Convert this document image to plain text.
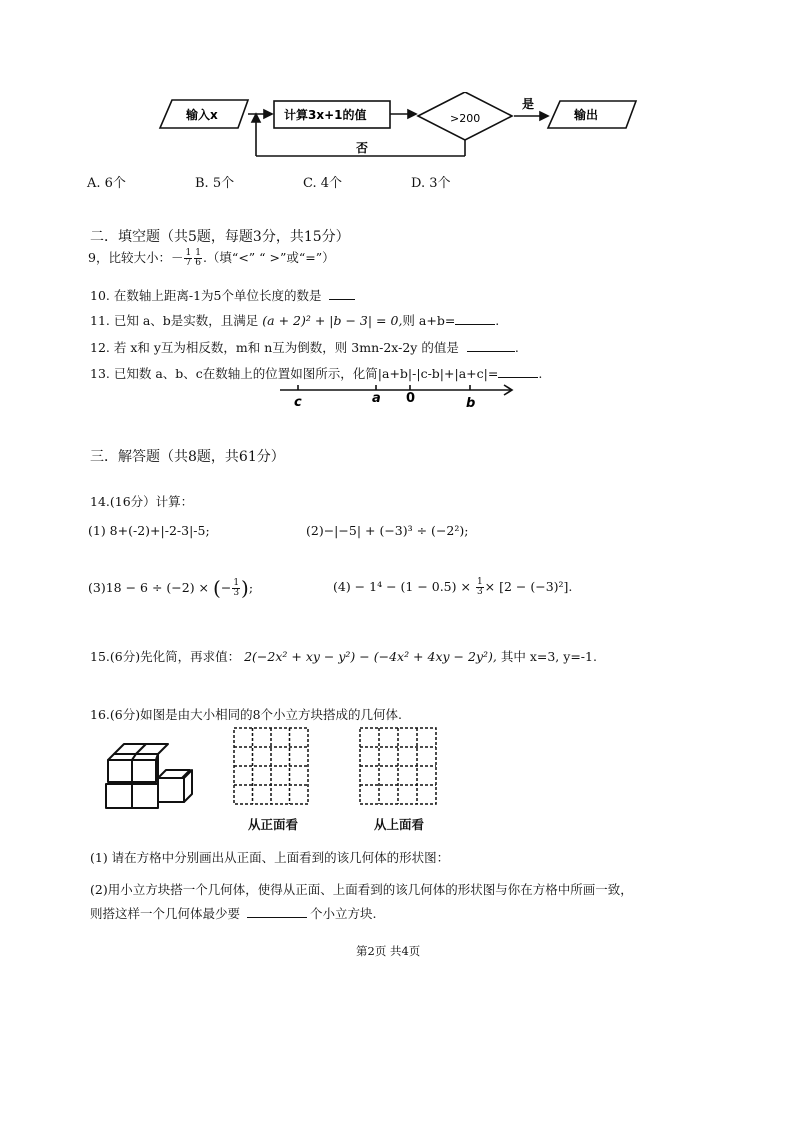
输入x	计算3x+1的值	>200
是
输出
否
A. 6个	B. 5个	C. 4个	D. 3个
二．填空题（共5题，每题3分，共15分）
9，比较大小：－ $\frac{1}{7} \frac{1}{6}$ .（填“<” “ >”或“=”）
10. 在数轴上距离-1为5个单位长度的数是
11. 已知 a、b是实数，且满足 (a + 2)² + |b − 3| = 0,则 a+b=	.
12. 若 x和 y互为相反数，m和 n互为倒数，则 3mn-2x-2y 的值是	.
13. 已知数 a、b、c在数轴上的位置如图所示，化简|a+b|-|c-b|+|a+c|=	.
c	a 0	b
三．解答题（共8题，共61分）
14.(16分）计算：
(1) 8+(-2)+|-2-3|-5;	(2)−|−5| + (−3)³ ÷ (−2²);
(3)18 − 6 ÷ (−2) × (− $\frac{1}{3}$ );	$(4) - 1^4 - (1 - 0.5) \times \frac{1}{3} \times [2 - (-3)^2]$.
15.(6分)先化简，再求值： 2(−2x² + xy − y²) − (−4x² + 4xy − 2y²), 其中 x=3, y=-1.
16.(6分)如图是由大小相同的8个小立方块搭成的几何体.
从正面看	从上面看
(1) 请在方格中分别画出从正面、上面看到的该几何体的形状图：
(2)用小立方块搭一个几何体，使得从正面、上面看到的该几何体的形状图与你在方格中所画一致，
则搭这样一个几何体最少要	个小立方块.
第2页 共4页
